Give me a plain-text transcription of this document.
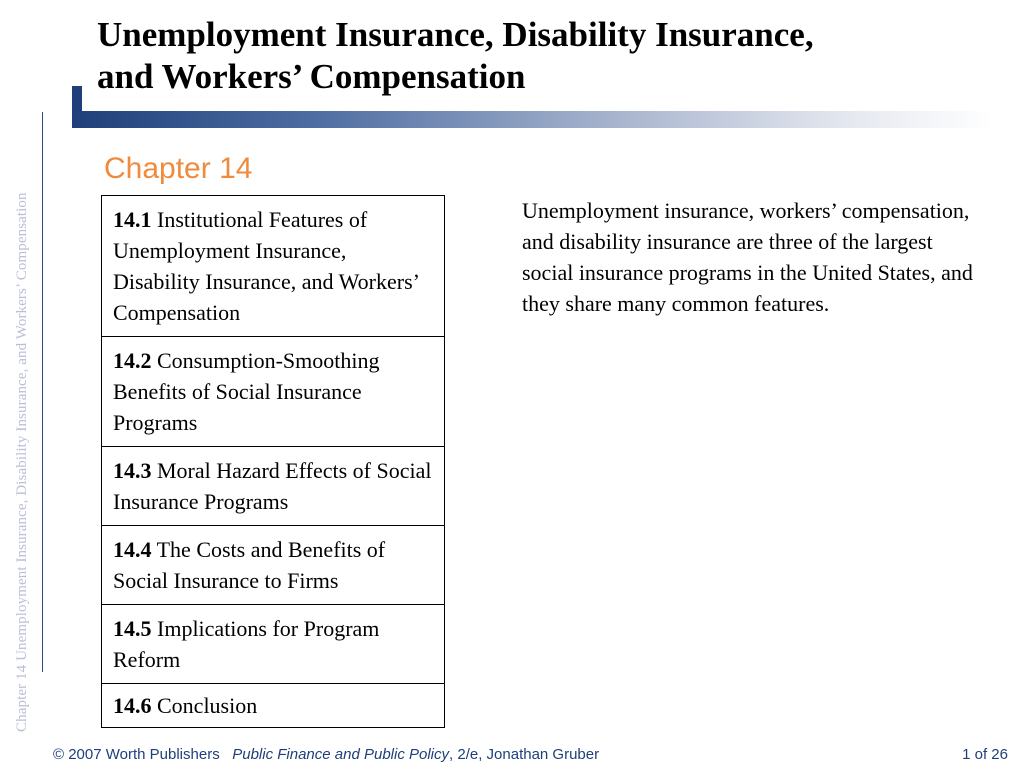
Chapter 14 Unemployment Insurance, Disability Insurance, and Workers’ Compensation
Unemployment Insurance, Disability Insurance,
and Workers’ Compensation
Chapter 14
14.1 Institutional Features of Unemployment Insurance, Disability Insurance, and Workers’ Compensation
14.2 Consumption-Smoothing Benefits of Social Insurance Programs
14.3 Moral Hazard Effects of Social Insurance Programs
14.4 The Costs and Benefits of Social Insurance to Firms
14.5 Implications for Program Reform
14.6 Conclusion
Unemployment insurance, workers’ compensation, and disability insurance are three of the largest social insurance programs in the United States, and they share many common features.
© 2007 Worth Publishers Public Finance and Public Policy, 2/e, Jonathan Gruber	1 of 26
